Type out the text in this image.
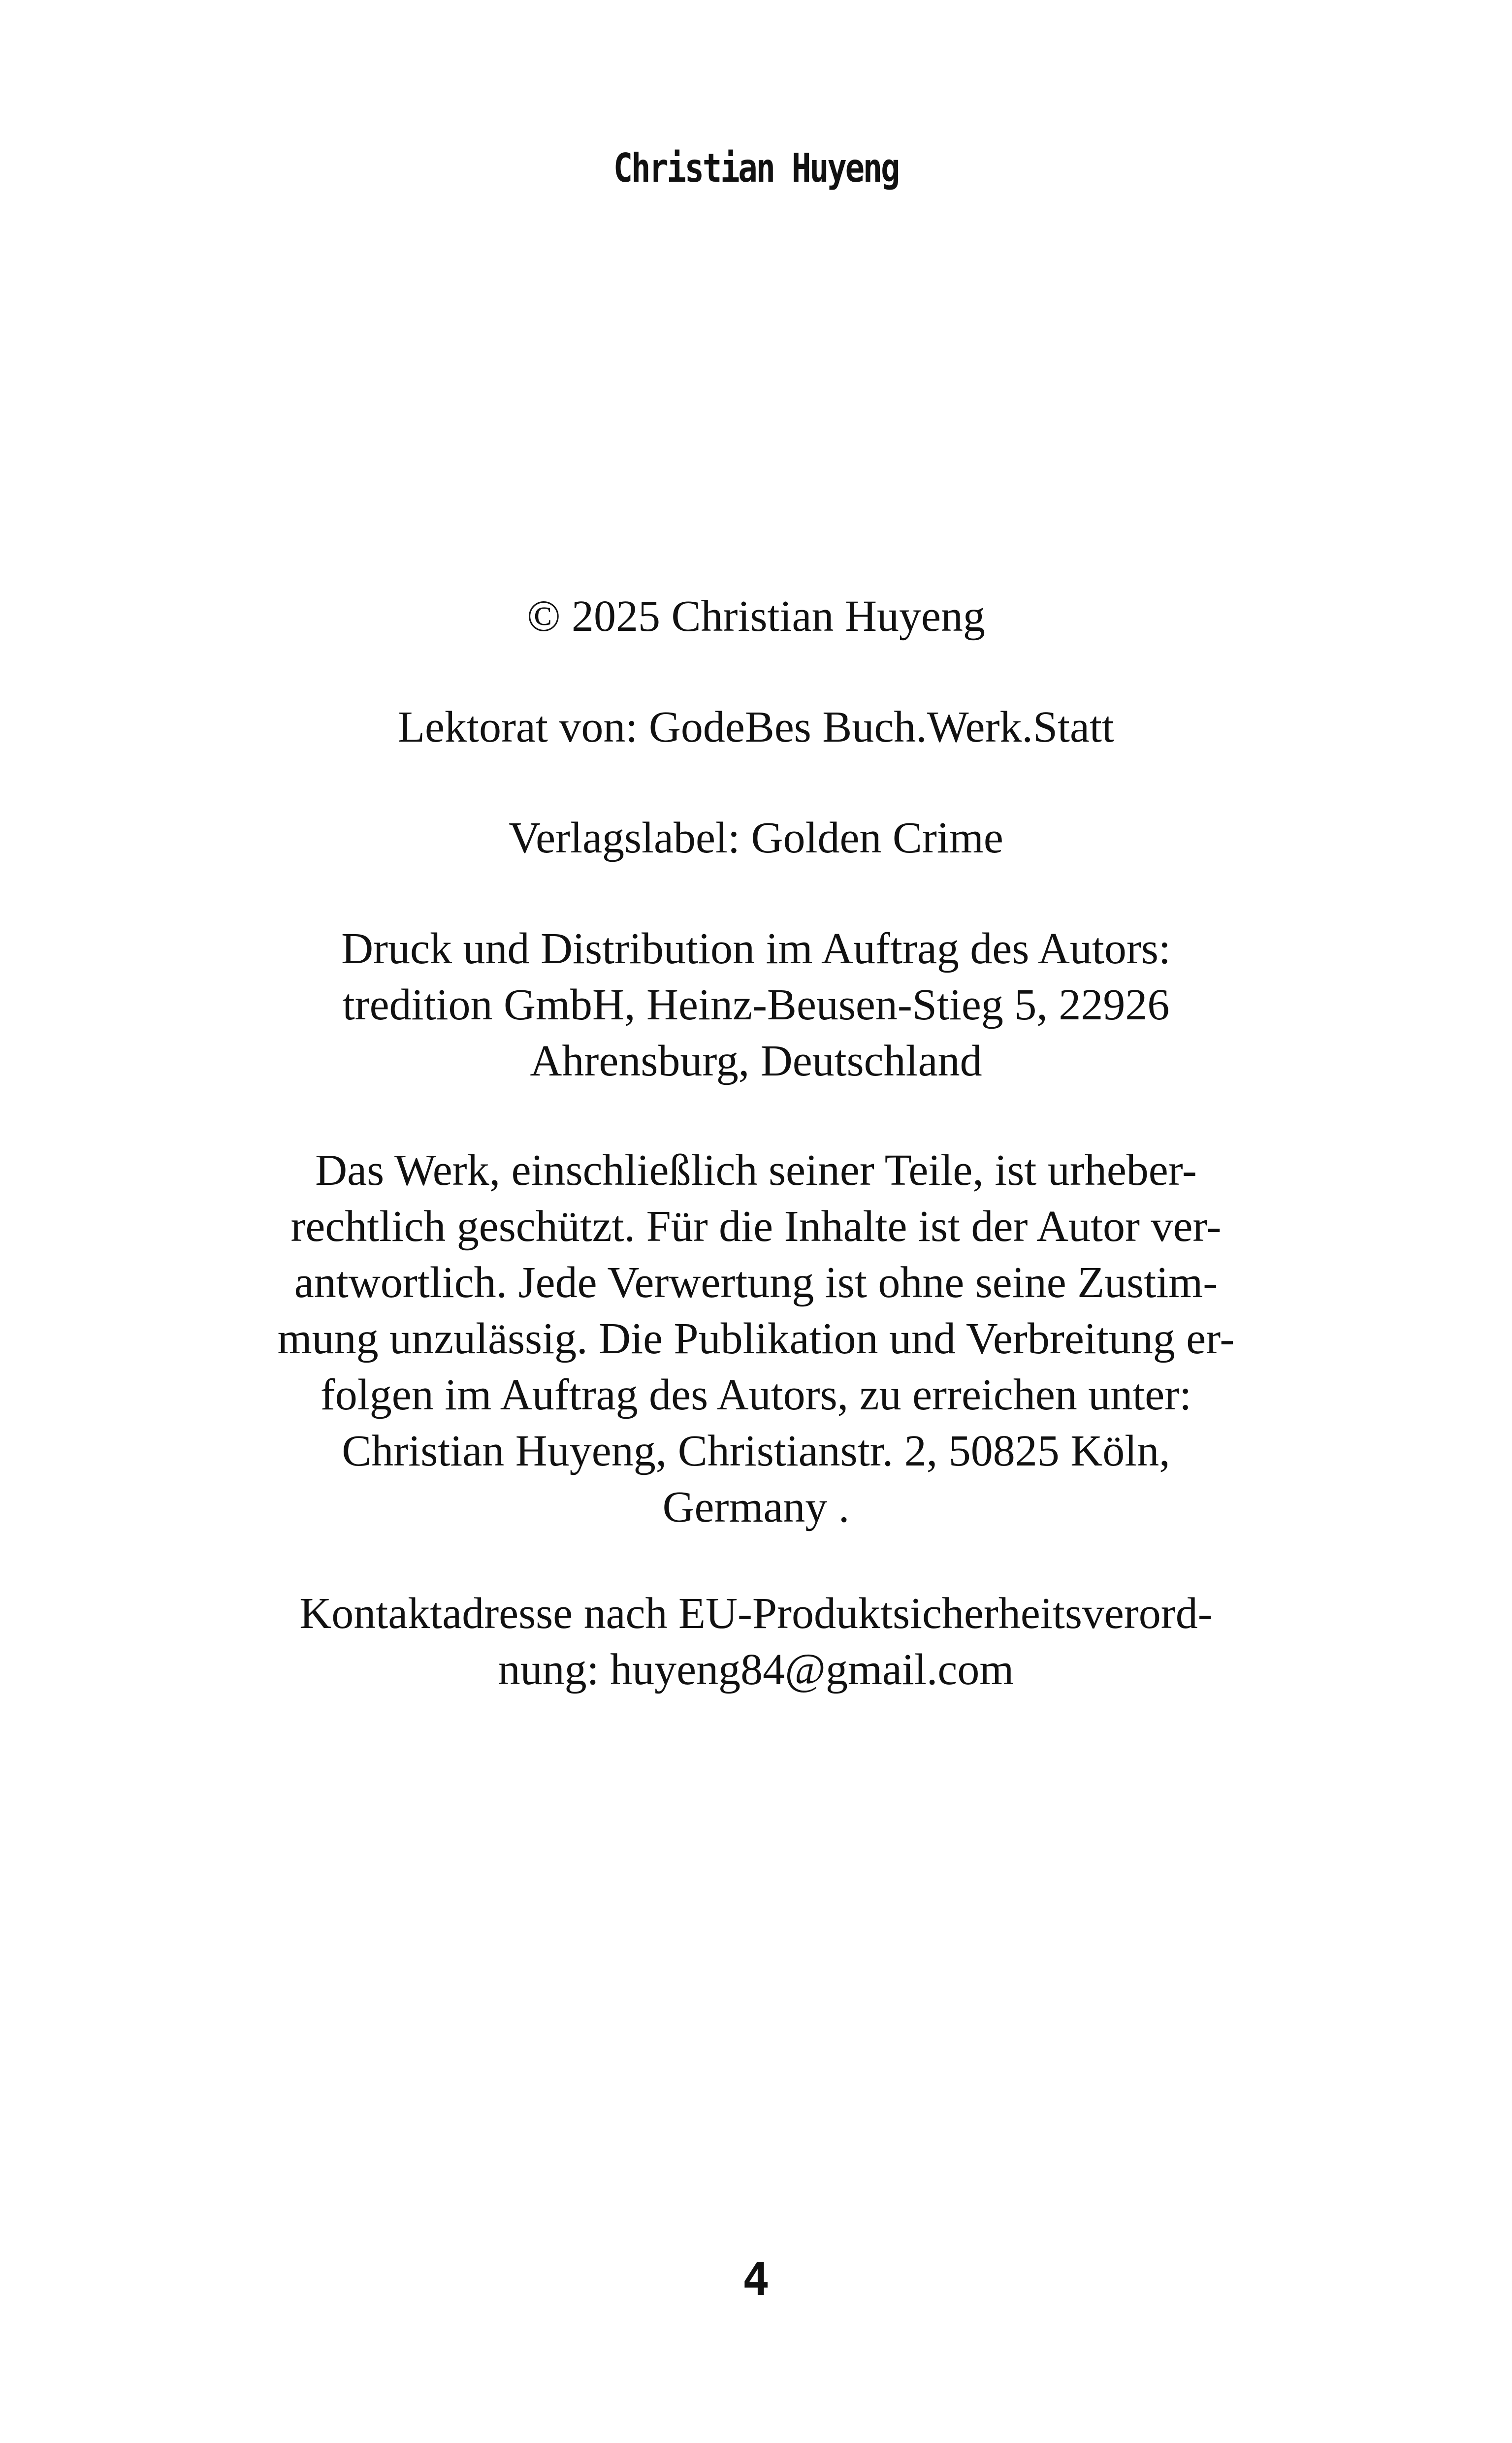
Christian Huyeng
© 2025 Christian Huyeng
Lektorat von: GodeBes Buch.Werk.Statt
Verlagslabel: Golden Crime
Druck und Distribution im Auftrag des Autors:
tredition GmbH, Heinz-Beusen-Stieg 5, 22926
Ahrensburg, Deutschland
Das Werk, einschließlich seiner Teile, ist urheber-
rechtlich geschützt. Für die Inhalte ist der Autor ver-
antwortlich. Jede Verwertung ist ohne seine Zustim-
mung unzulässig. Die Publikation und Verbreitung er-
folgen im Auftrag des Autors, zu erreichen unter:
Christian Huyeng, Christianstr. 2, 50825 Köln,
Germany .
Kontaktadresse nach EU-Produktsicherheitsverord-
nung: huyeng84@gmail.com
4
